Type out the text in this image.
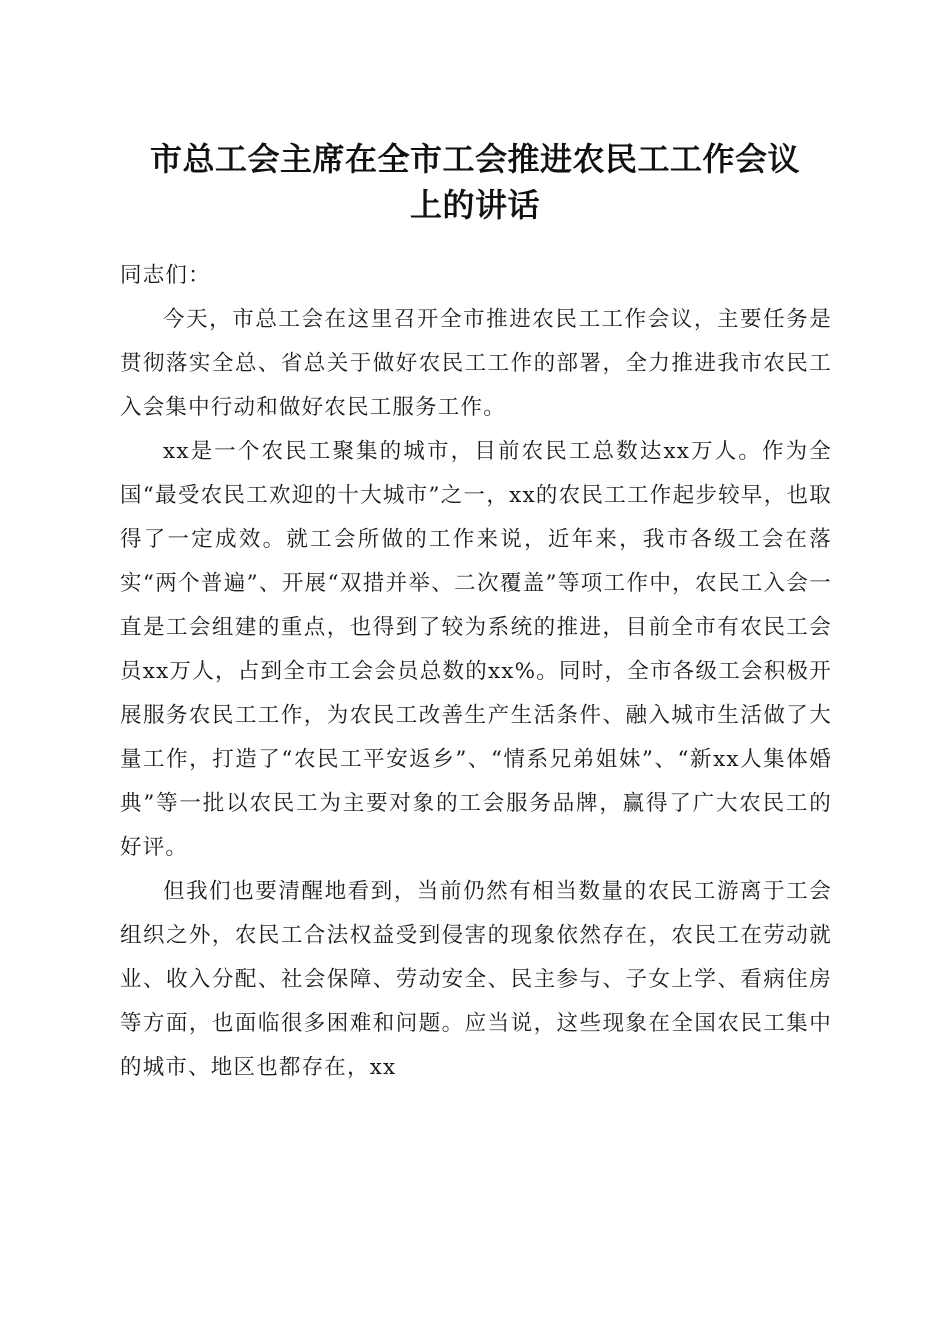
市总工会主席在全市工会推进农民工工作会议
上的讲话

同志们：

今天，市总工会在这里召开全市推进农民工工作会议，主要任务是贯彻落实全总、省总关于做好农民工工作的部署，全力推进我市农民工入会集中行动和做好农民工服务工作。

xx是一个农民工聚集的城市，目前农民工总数达xx万人。作为全国“最受农民工欢迎的十大城市”之一，xx的农民工工作起步较早，也取得了一定成效。就工会所做的工作来说，近年来，我市各级工会在落实“两个普遍”、开展“双措并举、二次覆盖”等项工作中，农民工入会一直是工会组建的重点，也得到了较为系统的推进，目前全市有农民工会员xx万人，占到全市工会会员总数的xx%。同时，全市各级工会积极开展服务农民工工作，为农民工改善生产生活条件、融入城市生活做了大量工作，打造了“农民工平安返乡”、“情系兄弟姐妹”、“新xx人集体婚典”等一批以农民工为主要对象的工会服务品牌，赢得了广大农民工的好评。

但我们也要清醒地看到，当前仍然有相当数量的农民工游离于工会组织之外，农民工合法权益受到侵害的现象依然存在，农民工在劳动就业、收入分配、社会保障、劳动安全、民主参与、子女上学、看病住房等方面，也面临很多困难和问题。应当说，这些现象在全国农民工集中的城市、地区也都存在，xx
